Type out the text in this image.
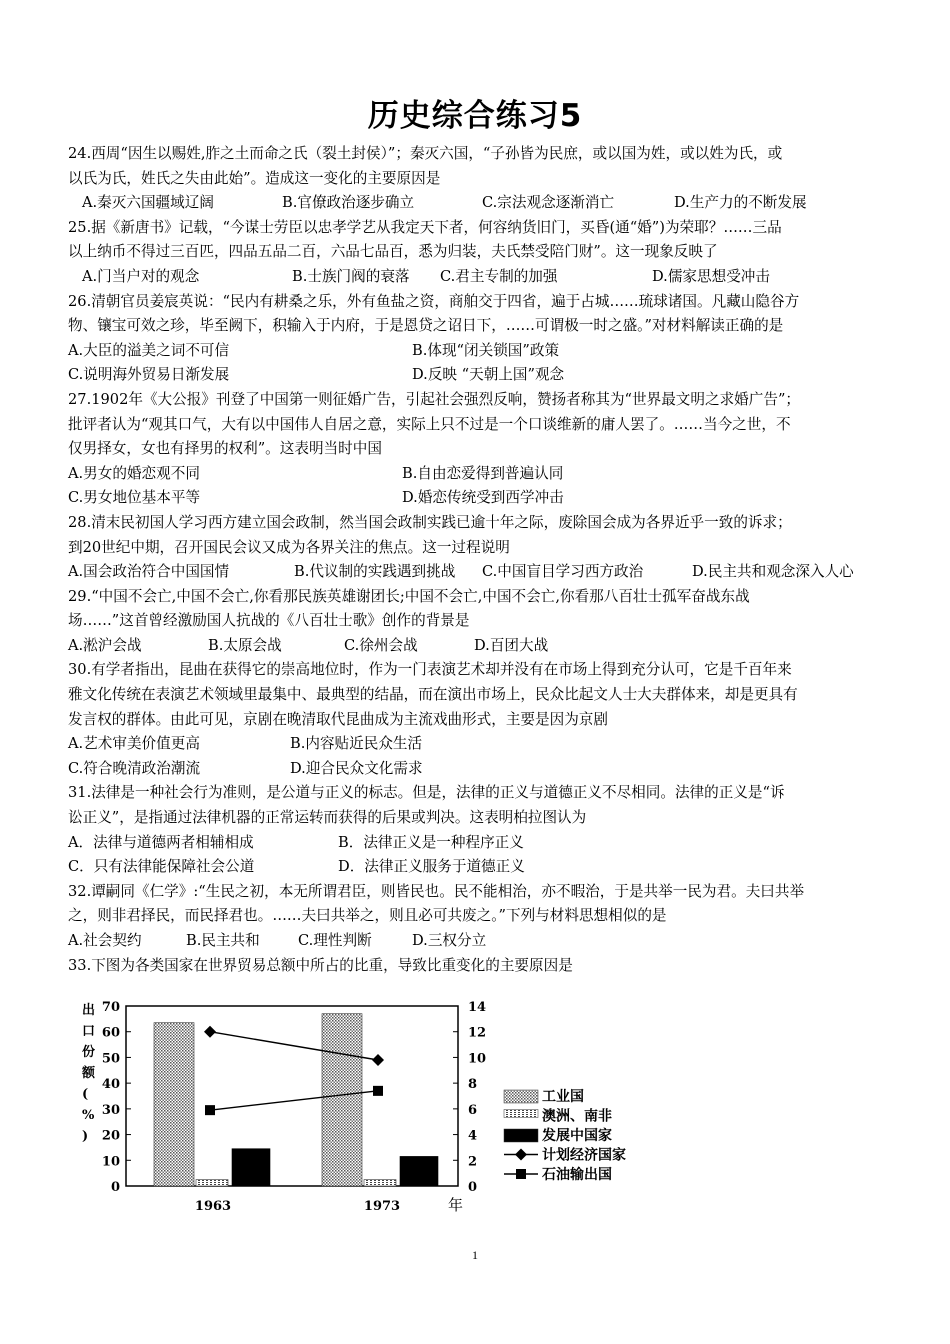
历史综合练习5
24.西周“因生以赐姓,胙之土而命之氏（裂土封侯）”；秦灭六国，“子孙皆为民庶，或以国为姓，或以姓为氏，或
以氏为氏，姓氏之失由此始”。造成这一变化的主要原因是
A.秦灭六国疆域辽阔	B.官僚政治逐步确立	C.宗法观念逐渐消亡	D.生产力的不断发展
25.据《新唐书》记载，“今谋士劳臣以忠孝学艺从我定天下者，何容纳货旧门，买昏(通“婚”)为荣耶？……三品
以上纳币不得过三百匹，四品五品二百，六品七品百，悉为归装，夫氏禁受陪门财”。这一现象反映了
A.门当户对的观念	B.士族门阀的衰落	C.君主专制的加强	D.儒家思想受冲击
26.清朝官员姜宸英说：“民内有耕桑之乐，外有鱼盐之资，商舶交于四省，遍于占城……琉球诸国。凡藏山隐谷方
物、镶宝可效之珍，毕至阙下，积输入于内府，于是恩贷之诏日下，……可谓极一时之盛。”对材料解读正确的是
A.大臣的溢美之词不可信	B.体现“闭关锁国”政策
C.说明海外贸易日渐发展	D.反映 “天朝上国”观念
27.1902年《大公报》刊登了中国第一则征婚广告，引起社会强烈反响，赞扬者称其为“世界最文明之求婚广告”；
批评者认为“观其口气，大有以中国伟人自居之意，实际上只不过是一个口谈维新的庸人罢了。……当今之世，不
仅男择女，女也有择男的权利”。这表明当时中国
A.男女的婚恋观不同	B.自由恋爱得到普遍认同
C.男女地位基本平等	D.婚恋传统受到西学冲击
28.清末民初国人学习西方建立国会政制，然当国会政制实践已逾十年之际，废除国会成为各界近乎一致的诉求；
到20世纪中期，召开国民会议又成为各界关注的焦点。这一过程说明
A.国会政治符合中国国情	B.代议制的实践遇到挑战	C.中国盲目学习西方政治	D.民主共和观念深入人心
29.“中国不会亡,中国不会亡,你看那民族英雄谢团长;中国不会亡,中国不会亡,你看那八百壮士孤军奋战东战
场……”这首曾经激励国人抗战的《八百壮士歌》创作的背景是
A.淞沪会战	B.太原会战	C.徐州会战	D.百团大战
30.有学者指出，昆曲在获得它的崇高地位时，作为一门表演艺术却并没有在市场上得到充分认可，它是千百年来
雅文化传统在表演艺术领域里最集中、最典型的结晶，而在演出市场上，民众比起文人士大夫群体来，却是更具有
发言权的群体。由此可见，京剧在晚清取代昆曲成为主流戏曲形式，主要是因为京剧
A.艺术审美价值更高	B.内容贴近民众生活
C.符合晚清政治潮流	D.迎合民众文化需求
31.法律是一种社会行为准则，是公道与正义的标志。但是，法律的正义与道德正义不尽相同。法律的正义是“诉
讼正义”，是指通过法律机器的正常运转而获得的后果或判决。这表明柏拉图认为
A．法律与道德两者相辅相成	B．法律正义是一种程序正义
C．只有法律能保障社会公道	D．法律正义服务于道德正义
32.谭嗣同《仁学》:“生民之初，本无所谓君臣，则皆民也。民不能相治，亦不暇治，于是共举一民为君。夫曰共举
之，则非君择民，而民择君也。……夫曰共举之，则且必可共废之。”下列与材料思想相似的是
A.社会契约	B.民主共和	C.理性判断	D.三权分立
33.下图为各类国家在世界贸易总额中所占的比重，导致比重变化的主要原因是
出口份额( % )
0
10
20
30
40
50
60
70
0
2
4
6
8
10
12
14
1963	1973	年
工业国
澳洲、南非
发展中国家
计划经济国家
石油输出国
1
